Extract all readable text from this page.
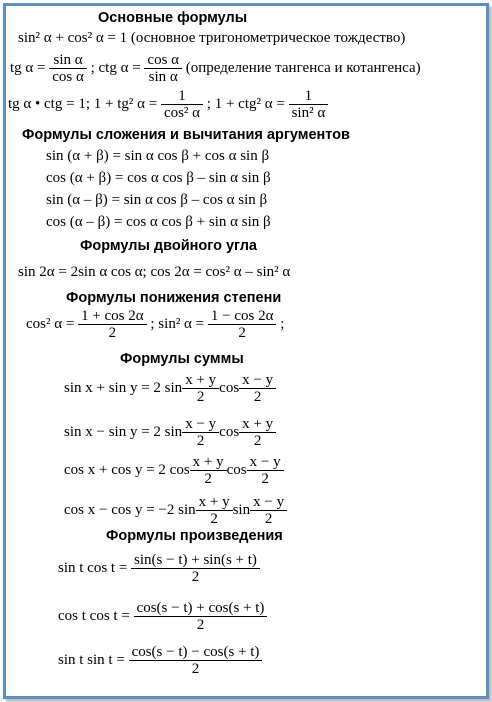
Основные формулы
sin² α + cos² α = 1 (основное тригонометрическое тождество)
tg $\alpha = \frac{\text{sin α}}{\text{cos α}}$ ; ctg $\alpha = \frac{\text{cos α}}{\text{sin α}}$ (определение тангенса и котангенса)
tg α • ctg = 1; 1 + tg² $\alpha = \frac{1}{\text{cos² α}}$ ; 1 + ctg² $\alpha = \frac{1}{\text{sin² α}}$
Формулы сложения и вычитания аргументов
sin (α + β) = sin α cos β + cos α sin β
cos (α + β) = cos α cos β – sin α sin β
sin (α – β) = sin α cos β – cos α sin β
cos (α – β) = cos α cos β + sin α sin β
Формулы двойного угла
sin 2α = 2sin α cos α; cos 2α = cos² α – sin² α
Формулы понижения степени
cos² $\alpha = \frac{1 + \cos 2\alpha}{2}$ ; sin² $\alpha = \frac{1 - \cos 2\alpha}{2}$ ;
Формулы суммы
sin x + sin y = 2 $\sin \frac{x + y}{2}$ $\cos \frac{x - y}{2}$
sin x − sin y = 2 $\sin \frac{x - y}{2}$ $\cos \frac{x + y}{2}$
cos x + cos y = 2 $\cos \frac{x + y}{2}$ $\cos \frac{x - y}{2}$
cos x − cos y = −2 $\sin \frac{x + y}{2}$ $\sin \frac{x - y}{2}$
Формулы произведения
sin t $\cos t = \frac{\sin(s - t) + \sin(s + t)}{2}$
cos t $\cos t = \frac{\cos(s - t) + \cos(s + t)}{2}$
sin t $\sin t = \frac{\cos(s - t) - \cos(s + t)}{2}$
